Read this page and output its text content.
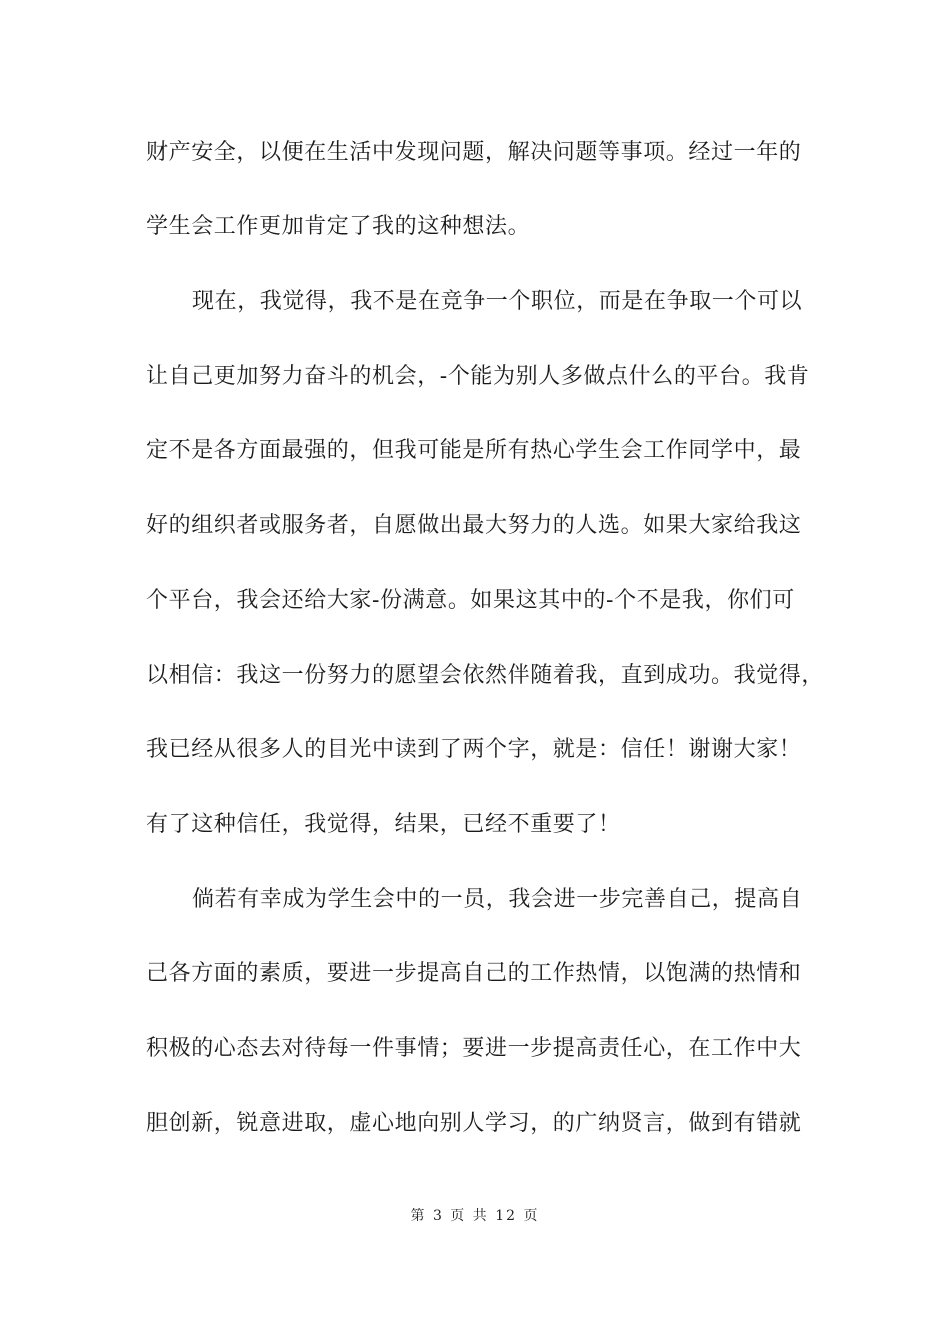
财产安全，以便在生活中发现问题，解决问题等事项。经过一年的
学生会工作更加肯定了我的这种想法。
现在，我觉得，我不是在竞争一个职位，而是在争取一个可以
让自己更加努力奋斗的机会，-个能为别人多做点什么的平台。我肯
定不是各方面最强的，但我可能是所有热心学生会工作同学中，最
好的组织者或服务者，自愿做出最大努力的人选。如果大家给我这
个平台，我会还给大家-份满意。如果这其中的-个不是我，你们可
以相信：我这一份努力的愿望会依然伴随着我，直到成功。我觉得，
我已经从很多人的目光中读到了两个字，就是：信任！谢谢大家！
有了这种信任，我觉得，结果，已经不重要了！
倘若有幸成为学生会中的一员，我会进一步完善自己，提高自
己各方面的素质，要进一步提高自己的工作热情，以饱满的热情和
积极的心态去对待每一件事情；要进一步提高责任心，在工作中大
胆创新，锐意进取，虚心地向别人学习，的广纳贤言，做到有错就
第 3 页 共 12 页
